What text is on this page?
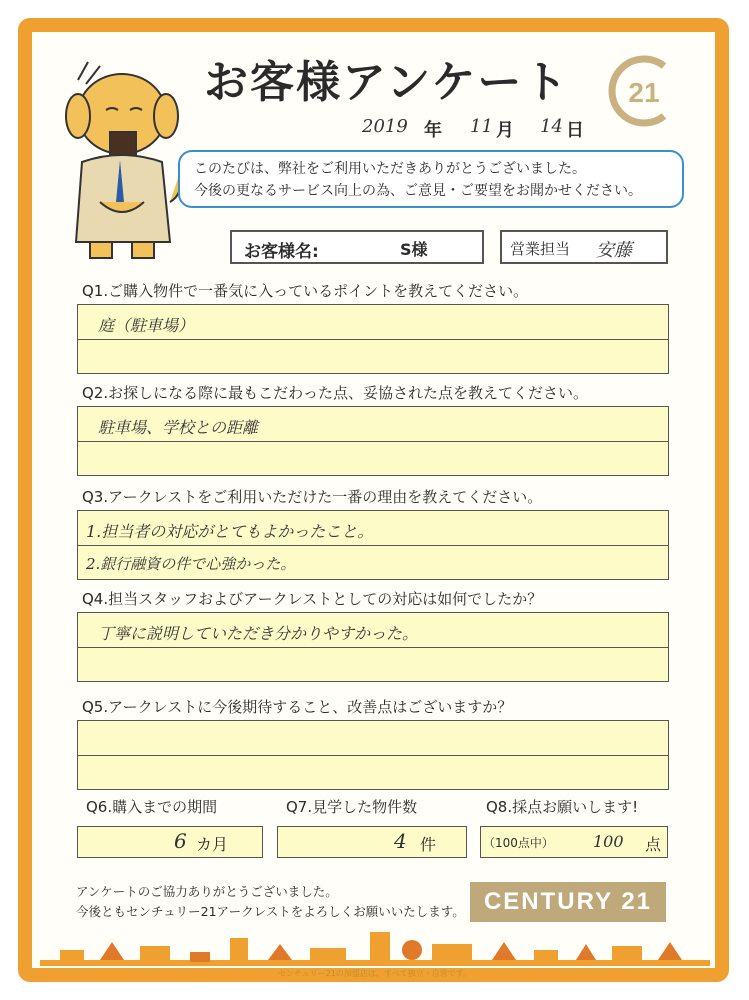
お客様アンケート 21
2019 年 11 月 14 日
このたびは、弊社をご利用いただきありがとうございました。
今後の更なるサービス向上の為、ご意見・ご要望をお聞かせください。
お客様名:	S様	営業担当 安藤
Q1.ご購入物件で一番気に入っているポイントを教えてください。
庭（駐車場）
Q2.お探しになる際に最もこだわった点、妥協された点を教えてください。
駐車場、学校との距離
Q3.アークレストをご利用いただけた一番の理由を教えてください。
1.担当者の対応がとてもよかったこと。
2.銀行融資の件で心強かった。
Q4.担当スタッフおよびアークレストとしての対応は如何でしたか？
丁寧に説明していただき分かりやすかった。
Q5.アークレストに今後期待すること、改善点はございますか？
Q6.購入までの期間	Q7.見学した物件数	Q8.採点お願いします!
6 カ月	4 件	（100点中） 100 点
アンケートのご協力ありがとうございました。
今後ともセンチュリー21アークレストをよろしくお願いいたします。 CENTURY 21
センチュリー21の加盟店は、すべて独立・自営です。
